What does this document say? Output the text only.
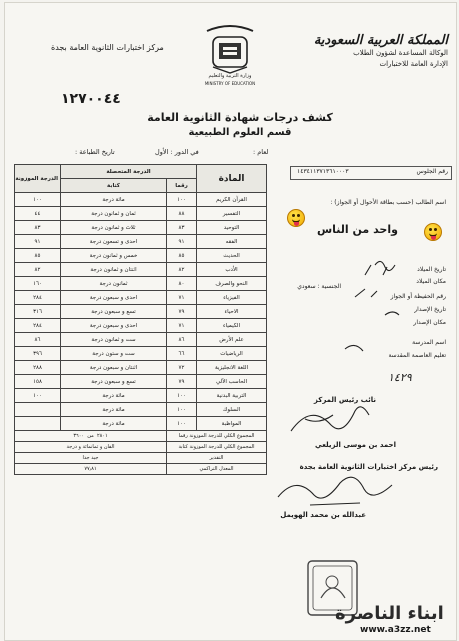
المملكة العربية السعودية
الوكالة المساعدة لشؤون الطلاب
الإدارة العامة للاختبارات
وزارة التربية والتعليم
MINISTRY OF EDUCATION
مركز اختبارات الثانوية العامة بجدة
١٢٧٠٠٤٤
كشف درجات شهادة الثانوية العامة
قسم العلوم الطبيعية
لعام :
في الدور : الأول
تاريخ الطباعة :
المادة	الدرجة المتحصلة		الدرجة الموزونة
	رقما	كتابة	
القرآن الكريم	١٠٠	مائة درجة	١٠٠
التفسير	٨٨	ثمان و ثمانون درجة	٤٤
التوحيد	٨٣	ثلاث و ثمانون درجة	٨٣
الفقه	٩١	احدى و تسعون درجة	٩١
الحديث	٨٥	خمس و ثمانون درجة	٨٥
الأدب	٨٢	اثنتان و ثمانون درجة	٨٢
النحو والصرف	٨٠	ثمانون درجة	١٦٠
الفيزياء	٧١	احدى و سبعون درجة	٢٨٤
الاحياء	٧٩	تسع و سبعون درجة	٣١٦
الكيمياء	٧١	احدى و سبعون درجة	٢٨٤
علم الأرض	٨٦	ست و ثمانون درجة	٨٦
الرياضيات	٦٦	ست و ستون درجة	٣٩٦
اللغة الانجليزية	٧٢	اثنتان و سبعون درجة	٢٨٨
الحاسب الآلي	٧٩	تسع و سبعون درجة	١٥٨
التربية البدنية	١٠٠	مائة درجة	١٠٠
السلوك	١٠٠	مائة درجة	
المواظبة	١٠٠	مائة درجة	
المجموع الكلي للدرجة الموزونة رقما		٢٨٠١  من  ٣٦٠٠	
المجموع الكلي للدرجة الموزونة كتابة		الفان و ثمانمائة و درجة	
التقدير		جيد جدا	
المعدل التراكمي		٧٧٫٨١	
رقم الجلوس
١٤٣٤١١٣٧١٣٦١٠٠٠٣
اسم الطالب (حسب بطاقة الأحوال أو الجواز) :
واحد من الناس
تاريخ الميلاد
مكان الميلاد
الجنسية : سعودي
رقم الحفيظة أو الجواز
تاريخ الإصدار
مكان الإصدار
اسم المدرسة
تعليم العاصمة المقدسة
١٤٢٩
نائب رئيس المركز
احمد بن موسى الزيلعي
رئيس مركز اختبارات الثانوية العامة بجدة
عبدالله بن محمد الهويمل
ابناء الناصرة
www.a3zz.net
